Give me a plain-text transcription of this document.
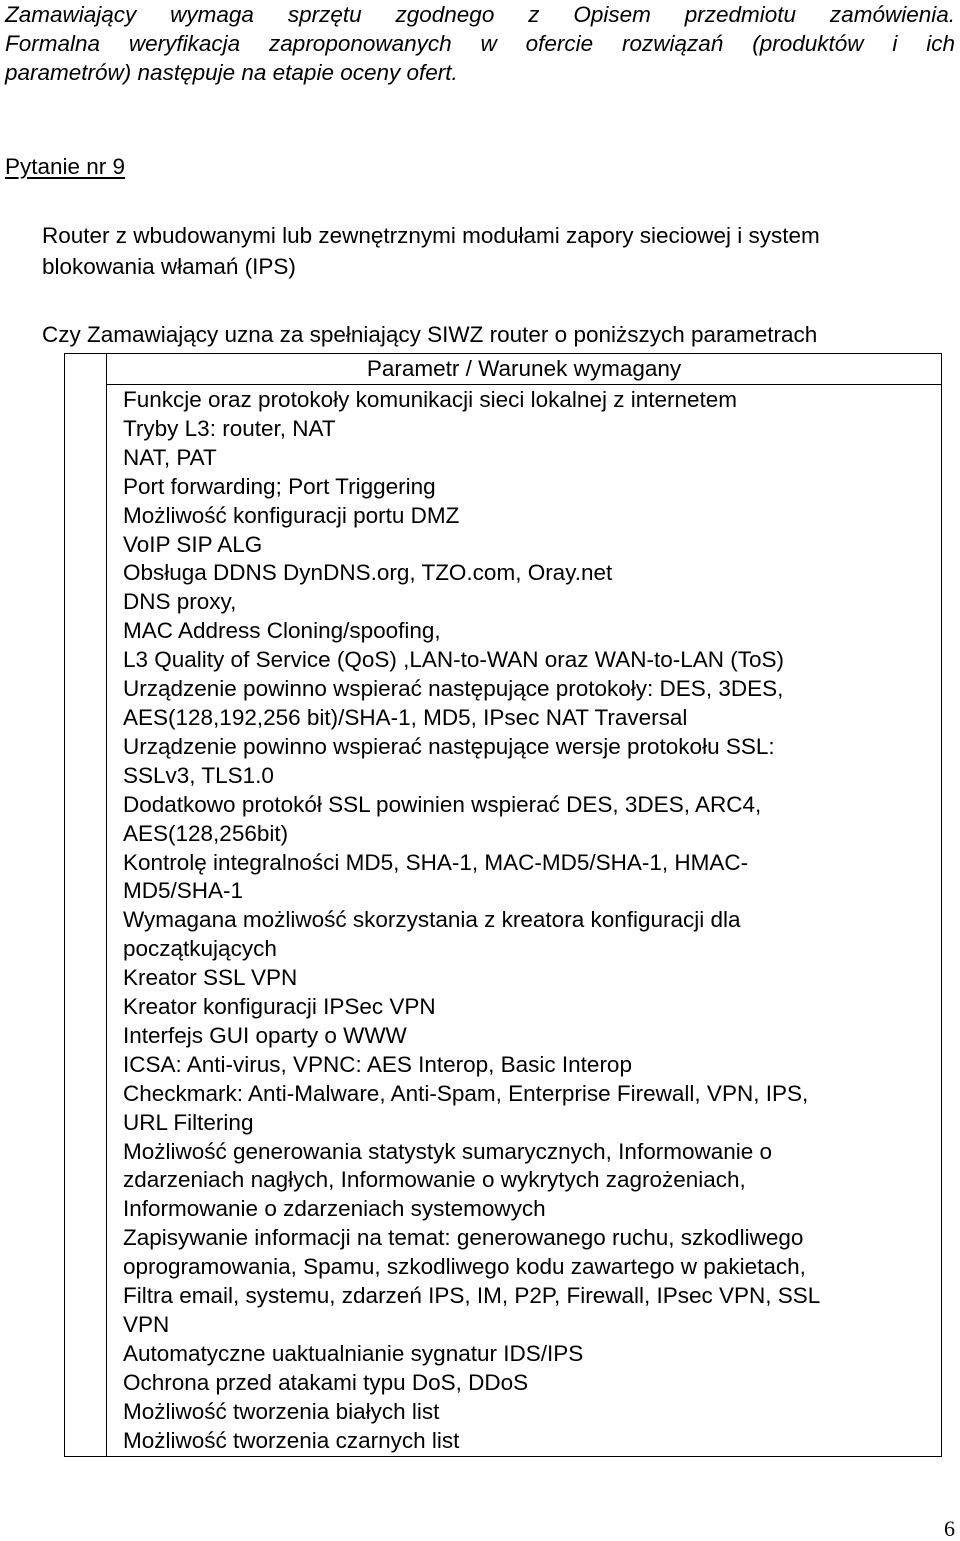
Zamawiający wymaga sprzętu zgodnego z Opisem przedmiotu zamówienia.
Formalna weryfikacja zaproponowanych w ofercie rozwiązań (produktów i ich
parametrów) następuje na etapie oceny ofert.
Pytanie nr 9
Router z wbudowanymi lub zewnętrznymi modułami zapory sieciowej i system blokowania włamań (IPS)
Czy Zamawiający uzna za spełniający SIWZ router o poniższych parametrach
Parametr / Warunek wymagany
Funkcje oraz protokoły komunikacji sieci lokalnej z internetem
Tryby L3: router, NAT
NAT, PAT
Port forwarding; Port Triggering
Możliwość konfiguracji portu DMZ
VoIP SIP ALG
Obsługa DDNS DynDNS.org, TZO.com, Oray.net
DNS proxy,
MAC Address Cloning/spoofing,
L3 Quality of Service (QoS) ,LAN-to-WAN oraz WAN-to-LAN (ToS)
Urządzenie powinno wspierać następujące protokoły: DES, 3DES,
AES(128,192,256 bit)/SHA-1, MD5, IPsec NAT Traversal
Urządzenie powinno wspierać następujące wersje protokołu SSL:
SSLv3, TLS1.0
Dodatkowo protokół SSL powinien wspierać DES, 3DES, ARC4,
AES(128,256bit)
Kontrolę integralności MD5, SHA-1, MAC-MD5/SHA-1, HMAC-
MD5/SHA-1
Wymagana możliwość skorzystania z kreatora konfiguracji dla
początkujących
Kreator SSL VPN
Kreator konfiguracji IPSec VPN
Interfejs GUI oparty o WWW
ICSA: Anti-virus, VPNC: AES Interop, Basic Interop
Checkmark: Anti-Malware, Anti-Spam, Enterprise Firewall, VPN, IPS,
URL Filtering
Możliwość generowania statystyk sumarycznych, Informowanie o
zdarzeniach nagłych, Informowanie o wykrytych zagrożeniach,
Informowanie o zdarzeniach systemowych
Zapisywanie informacji na temat: generowanego ruchu, szkodliwego
oprogramowania, Spamu, szkodliwego kodu zawartego w pakietach,
Filtra email, systemu, zdarzeń IPS, IM, P2P, Firewall, IPsec VPN, SSL
VPN
Automatyczne uaktualnianie sygnatur IDS/IPS
Ochrona przed atakami typu DoS, DDoS
Możliwość tworzenia białych list
Możliwość tworzenia czarnych list
6
